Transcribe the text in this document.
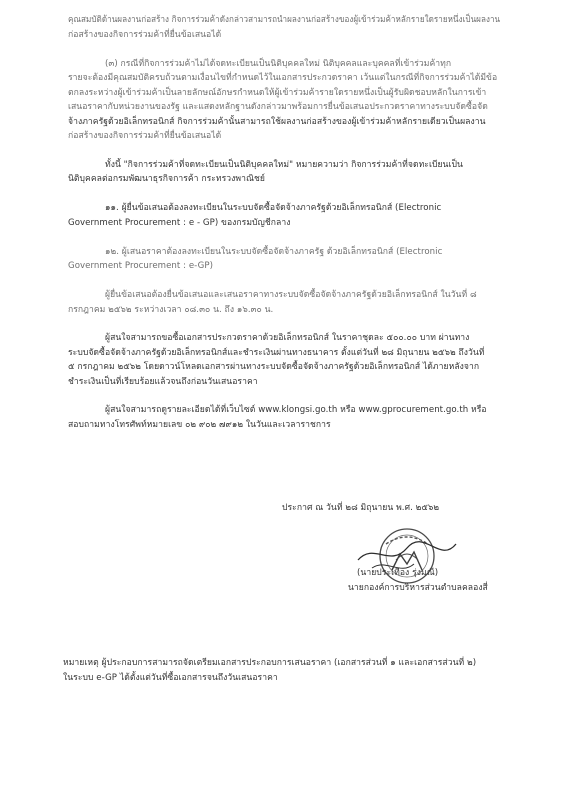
คุณสมบัติด้านผลงานก่อสร้าง กิจการร่วมค้าดังกล่าวสามารถนำผลงานก่อสร้างของผู้เข้าร่วมค้าหลักรายใดรายหนึ่งเป็นผลงาน
ก่อสร้างของกิจการร่วมค้าที่ยื่นข้อเสนอได้
(๓) กรณีที่กิจการร่วมค้าไม่ได้จดทะเบียนเป็นนิติบุคคลใหม่ นิติบุคคลและบุคคลที่เข้าร่วมค้าทุก
รายจะต้องมีคุณสมบัติครบถ้วนตามเงื่อนไขที่กำหนดไว้ในเอกสารประกวดราคา เว้นแต่ในกรณีที่กิจการร่วมค้าได้มีข้อ
ตกลงระหว่างผู้เข้าร่วมค้าเป็นลายลักษณ์อักษรกำหนดให้ผู้เข้าร่วมค้ารายใดรายหนึ่งเป็นผู้รับผิดชอบหลักในการเข้า
เสนอราคากับหน่วยงานของรัฐ และแสดงหลักฐานดังกล่าวมาพร้อมการยื่นข้อเสนอประกวดราคาทางระบบจัดซื้อจัด
จ้างภาครัฐด้วยอิเล็กทรอนิกส์ กิจการร่วมค้านั้นสามารถใช้ผลงานก่อสร้างของผู้เข้าร่วมค้าหลักรายเดียวเป็นผลงาน
ก่อสร้างของกิจการร่วมค้าที่ยื่นข้อเสนอได้
ทั้งนี้ "กิจการร่วมค้าที่จดทะเบียนเป็นนิติบุคคลใหม่" หมายความว่า กิจการร่วมค้าที่จดทะเบียนเป็น
นิติบุคคลต่อกรมพัฒนาธุรกิจการค้า กระทรวงพาณิชย์
๑๑. ผู้ยื่นข้อเสนอต้องลงทะเบียนในระบบจัดซื้อจัดจ้างภาครัฐด้วยอิเล็กทรอนิกส์ (Electronic
Government Procurement : e - GP) ของกรมบัญชีกลาง
๑๒. ผู้เสนอราคาต้องลงทะเบียนในระบบจัดซื้อจัดจ้างภาครัฐ ด้วยอิเล็กทรอนิกส์ (Electronic
Government Procurement : e-GP)
ผู้ยื่นข้อเสนอต้องยื่นข้อเสนอและเสนอราคาทางระบบจัดซื้อจัดจ้างภาครัฐด้วยอิเล็กทรอนิกส์ ในวันที่ ๘
กรกฎาคม ๒๕๖๒ ระหว่างเวลา ๐๘.๓๐ น. ถึง ๑๖.๓๐ น.
ผู้สนใจสามารถขอซื้อเอกสารประกวดราคาด้วยอิเล็กทรอนิกส์ ในราคาชุดละ ๕๐๐.๐๐ บาท ผ่านทาง
ระบบจัดซื้อจัดจ้างภาครัฐด้วยอิเล็กทรอนิกส์และชำระเงินผ่านทางธนาคาร ตั้งแต่วันที่ ๒๘ มิถุนายน ๒๕๖๒ ถึงวันที่
๕ กรกฎาคม ๒๕๖๒ โดยดาวน์โหลดเอกสารผ่านทางระบบจัดซื้อจัดจ้างภาครัฐด้วยอิเล็กทรอนิกส์ ได้ภายหลังจาก
ชำระเงินเป็นที่เรียบร้อยแล้วจนถึงก่อนวันเสนอราคา
ผู้สนใจสามารถดูรายละเอียดได้ที่เว็บไซต์ www.klongsi.go.th หรือ www.gprocurement.go.th หรือ
สอบถามทางโทรศัพท์หมายเลข ๐๒ ๙๐๒ ๗๙๑๒ ในวันและเวลาราชการ
ประกาศ ณ วันที่ ๒๘ มิถุนายน พ.ศ. ๒๕๖๒
(นายประเทือง รุ่งมณี)
นายกองค์การบริหารส่วนตำบลคลองสี่
หมายเหตุ ผู้ประกอบการสามารถจัดเตรียมเอกสารประกอบการเสนอราคา (เอกสารส่วนที่ ๑ และเอกสารส่วนที่ ๒)
ในระบบ e-GP ได้ตั้งแต่วันที่ซื้อเอกสารจนถึงวันเสนอราคา
